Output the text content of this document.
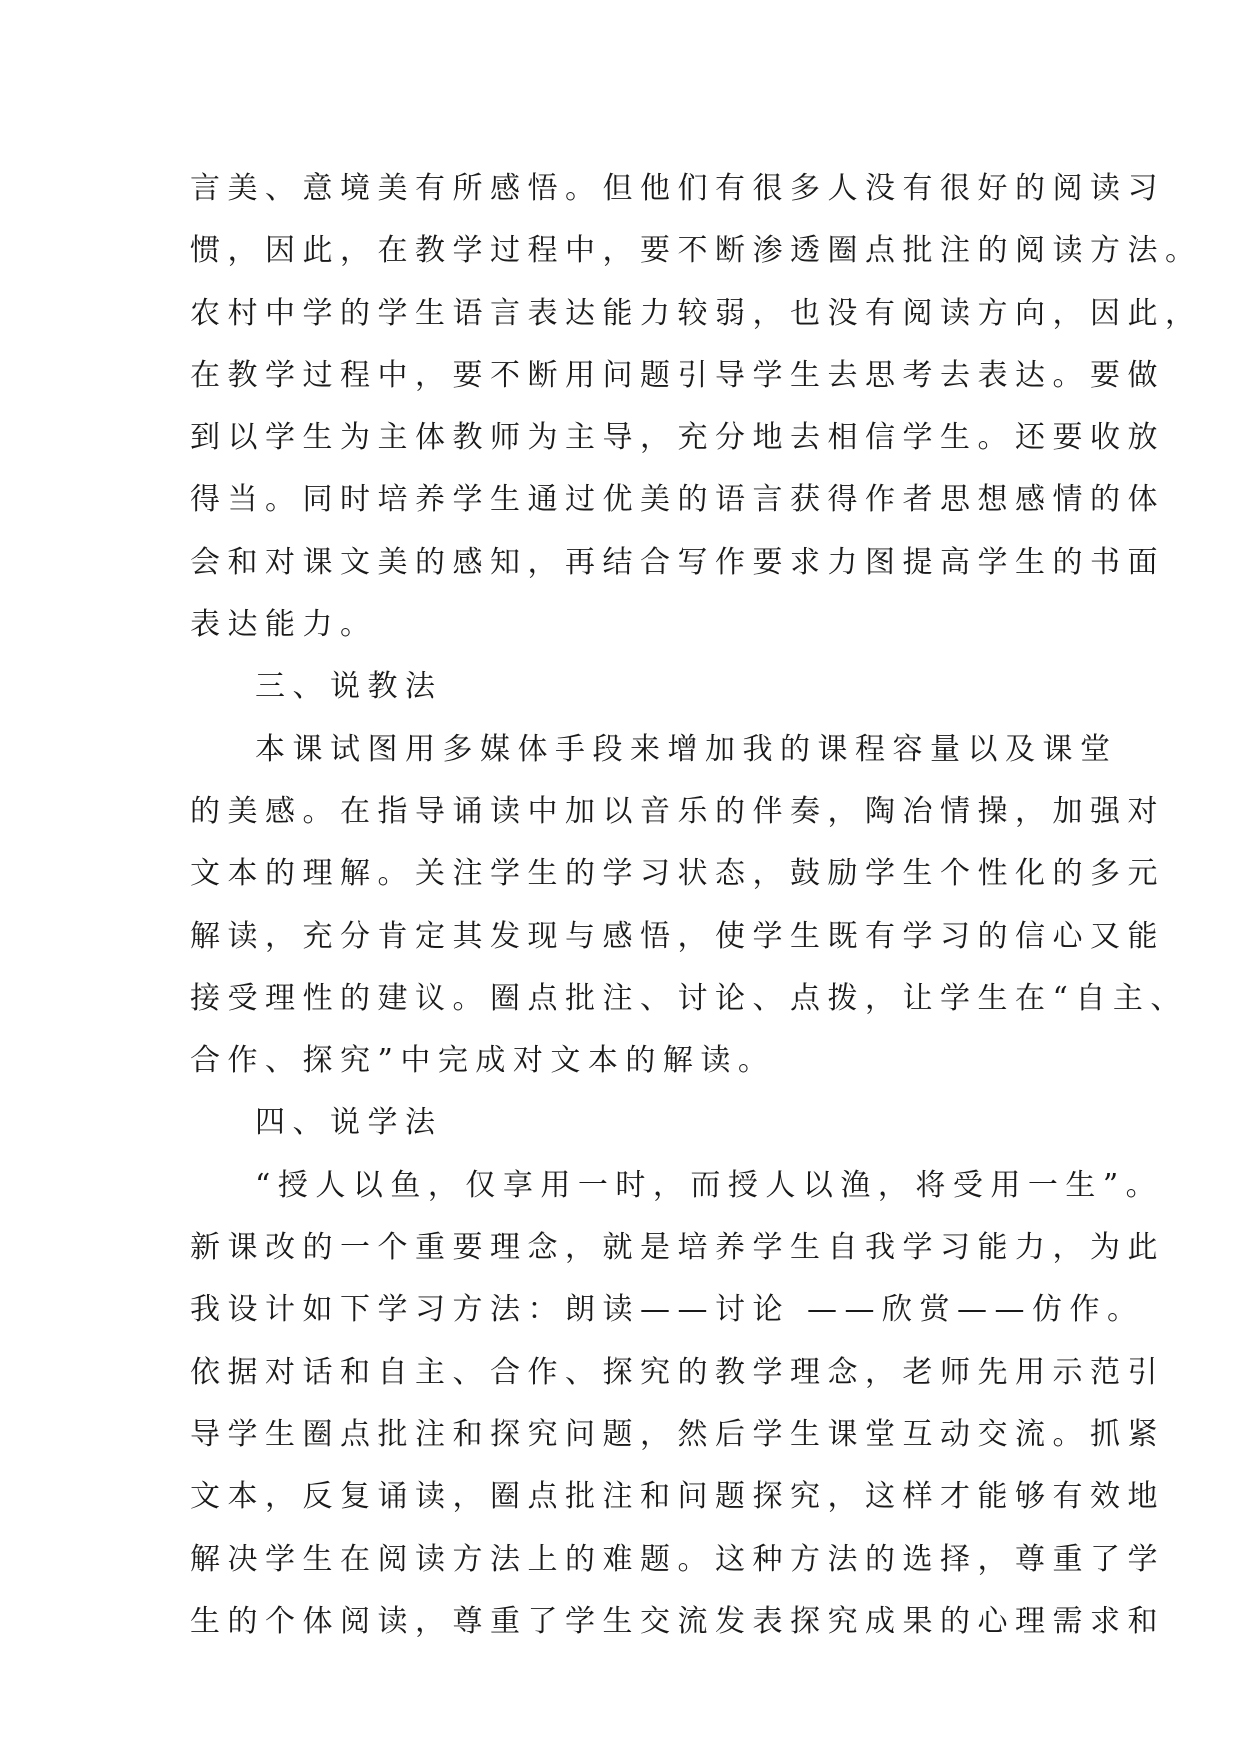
言美、意境美有所感悟。但他们有很多人没有很好的阅读习
惯，因此，在教学过程中，要不断渗透圈点批注的阅读方法。
农村中学的学生语言表达能力较弱，也没有阅读方向，因此，
在教学过程中，要不断用问题引导学生去思考去表达。要做
到以学生为主体教师为主导，充分地去相信学生。还要收放
得当。同时培养学生通过优美的语言获得作者思想感情的体
会和对课文美的感知，再结合写作要求力图提高学生的书面
表达能力。
三、说教法
本课试图用多媒体手段来增加我的课程容量以及课堂
的美感。在指导诵读中加以音乐的伴奏，陶冶情操，加强对
文本的理解。关注学生的学习状态，鼓励学生个性化的多元
解读，充分肯定其发现与感悟，使学生既有学习的信心又能
接受理性的建议。圈点批注、讨论、点拨，让学生在“自主、
合作、探究”中完成对文本的解读。
四、说学法
“授人以鱼，仅享用一时，而授人以渔，将受用一生”。
新课改的一个重要理念，就是培养学生自我学习能力，为此
我设计如下学习方法：朗读——讨论 ——欣赏——仿作。
依据对话和自主、合作、探究的教学理念，老师先用示范引
导学生圈点批注和探究问题，然后学生课堂互动交流。抓紧
文本，反复诵读，圈点批注和问题探究，这样才能够有效地
解决学生在阅读方法上的难题。这种方法的选择，尊重了学
生的个体阅读，尊重了学生交流发表探究成果的心理需求和
